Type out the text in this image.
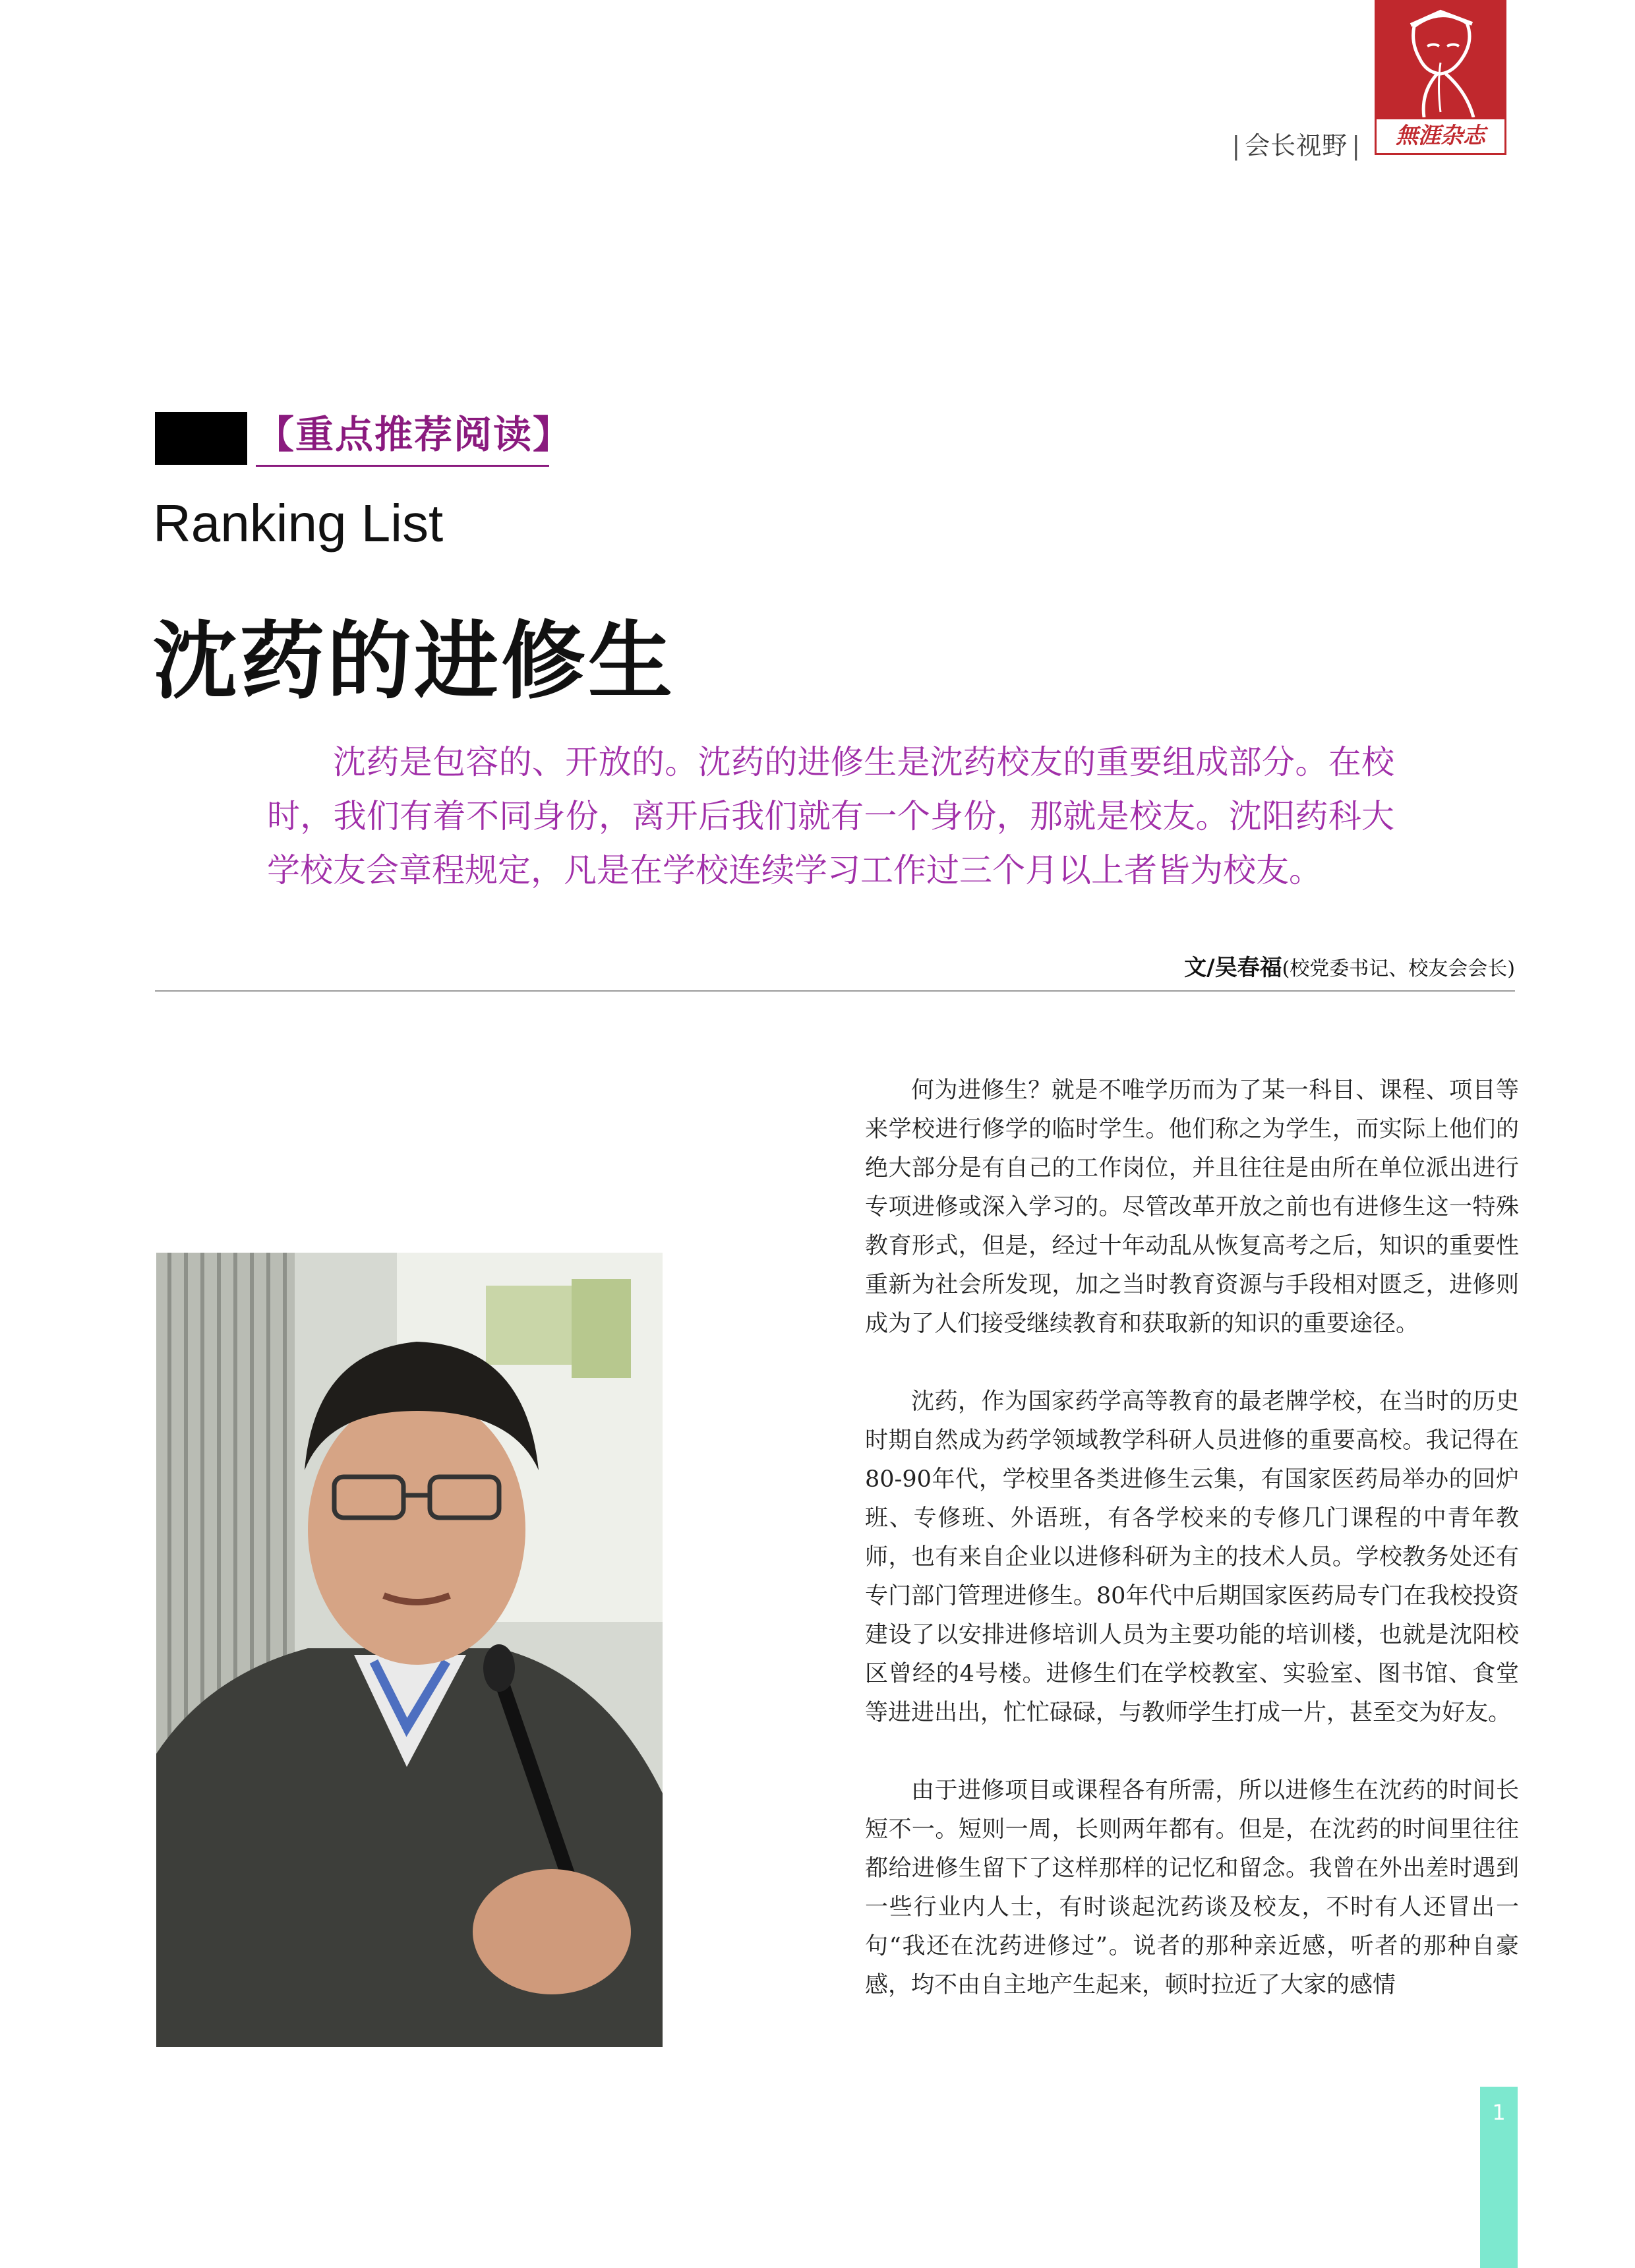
| 会长视野 |	無涯杂志
【重点推荐阅读】
Ranking List
沈药的进修生
沈药是包容的、开放的。沈药的进修生是沈药校友的重要组成部分。在校时，我们有着不同身份，离开后我们就有一个身份，那就是校友。沈阳药科大学校友会章程规定，凡是在学校连续学习工作过三个月以上者皆为校友。
文/吴春福(校党委书记、校友会会长)

何为进修生？就是不唯学历而为了某一科目、课程、项目等来学校进行修学的临时学生。他们称之为学生，而实际上他们的绝大部分是有自己的工作岗位，并且往往是由所在单位派出进行专项进修或深入学习的。尽管改革开放之前也有进修生这一特殊教育形式，但是，经过十年动乱从恢复高考之后，知识的重要性重新为社会所发现，加之当时教育资源与手段相对匮乏，进修则成为了人们接受继续教育和获取新的知识的重要途径。

沈药，作为国家药学高等教育的最老牌学校，在当时的历史时期自然成为药学领域教学科研人员进修的重要高校。我记得在80-90年代，学校里各类进修生云集，有国家医药局举办的回炉班、专修班、外语班，有各学校来的专修几门课程的中青年教师，也有来自企业以进修科研为主的技术人员。学校教务处还有专门部门管理进修生。80年代中后期国家医药局专门在我校投资建设了以安排进修培训人员为主要功能的培训楼，也就是沈阳校区曾经的4号楼。进修生们在学校教室、实验室、图书馆、食堂等进进出出，忙忙碌碌，与教师学生打成一片，甚至交为好友。

由于进修项目或课程各有所需，所以进修生在沈药的时间长短不一。短则一周，长则两年都有。但是，在沈药的时间里往往都给进修生留下了这样那样的记忆和留念。我曾在外出差时遇到一些行业内人士，有时谈起沈药谈及校友，不时有人还冒出一句“我还在沈药进修过”。说者的那种亲近感，听者的那种自豪感，均不由自主地产生起来，顿时拉近了大家的感情

1
